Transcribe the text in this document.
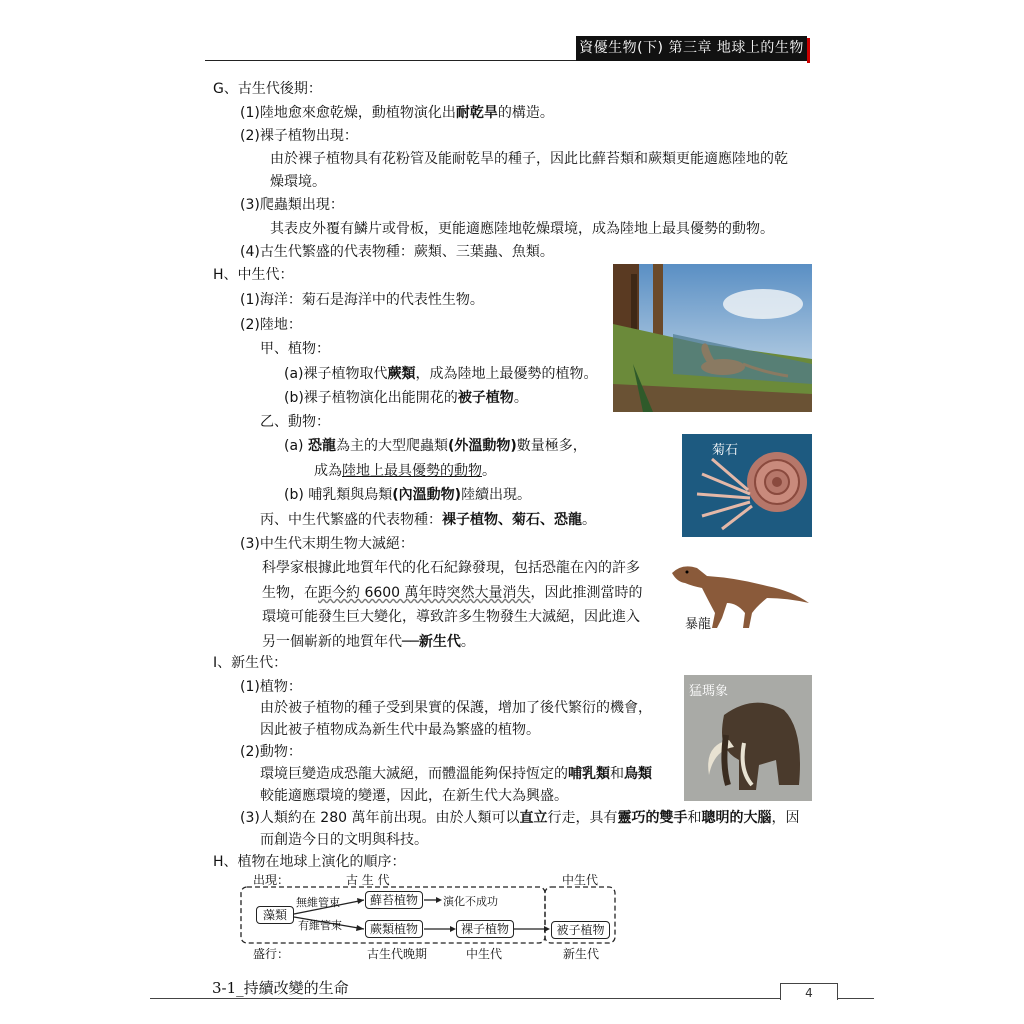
資優生物(下) 第三章 地球上的生物
G、古生代後期：
(1)陸地愈來愈乾燥，動植物演化出耐乾旱的構造。
(2)裸子植物出現：
由於裸子植物具有花粉管及能耐乾旱的種子，因此比蘚苔類和蕨類更能適應陸地的乾
燥環境。
(3)爬蟲類出現：
其表皮外覆有鱗片或骨板，更能適應陸地乾燥環境，成為陸地上最具優勢的動物。
(4)古生代繁盛的代表物種：蕨類、三葉蟲、魚類。
H、中生代：
(1)海洋：菊石是海洋中的代表性生物。
(2)陸地：
甲、植物：
(a)裸子植物取代蕨類，成為陸地上最優勢的植物。
(b)裸子植物演化出能開花的被子植物。
乙、動物：
(a) 恐龍為主的大型爬蟲類(外溫動物)數量極多，
成為陸地上最具優勢的動物。
(b) 哺乳類與鳥類(內溫動物)陸續出現。
丙、中生代繁盛的代表物種：裸子植物、菊石、恐龍。
(3)中生代末期生物大滅絕：
科學家根據此地質年代的化石紀錄發現，包括恐龍在內的許多
生物，在距今約 6600 萬年時突然大量消失，因此推測當時的
環境可能發生巨大變化，導致許多生物發生大滅絕，因此進入
另一個嶄新的地質年代──新生代。
I、新生代：
(1)植物：
由於被子植物的種子受到果實的保護，增加了後代繁衍的機會，
因此被子植物成為新生代中最為繁盛的植物。
(2)動物：
環境巨變造成恐龍大滅絕，而體溫能夠保持恆定的哺乳類和鳥類
較能適應環境的變遷，因此，在新生代大為興盛。
(3)人類約在 280 萬年前出現。由於人類可以直立行走，具有靈巧的雙手和聰明的大腦，因
而創造今日的文明與科技。
H、植物在地球上演化的順序：
出現：	古 生 代	中生代
藻類
無維管束
有維管束
蘚苔植物	演化不成功
蕨類植物	裸子植物	被子植物
盛行：	古生代晚期	中生代	新生代
菊石
暴龍
猛瑪象
3-1_持續改變的生命	4
